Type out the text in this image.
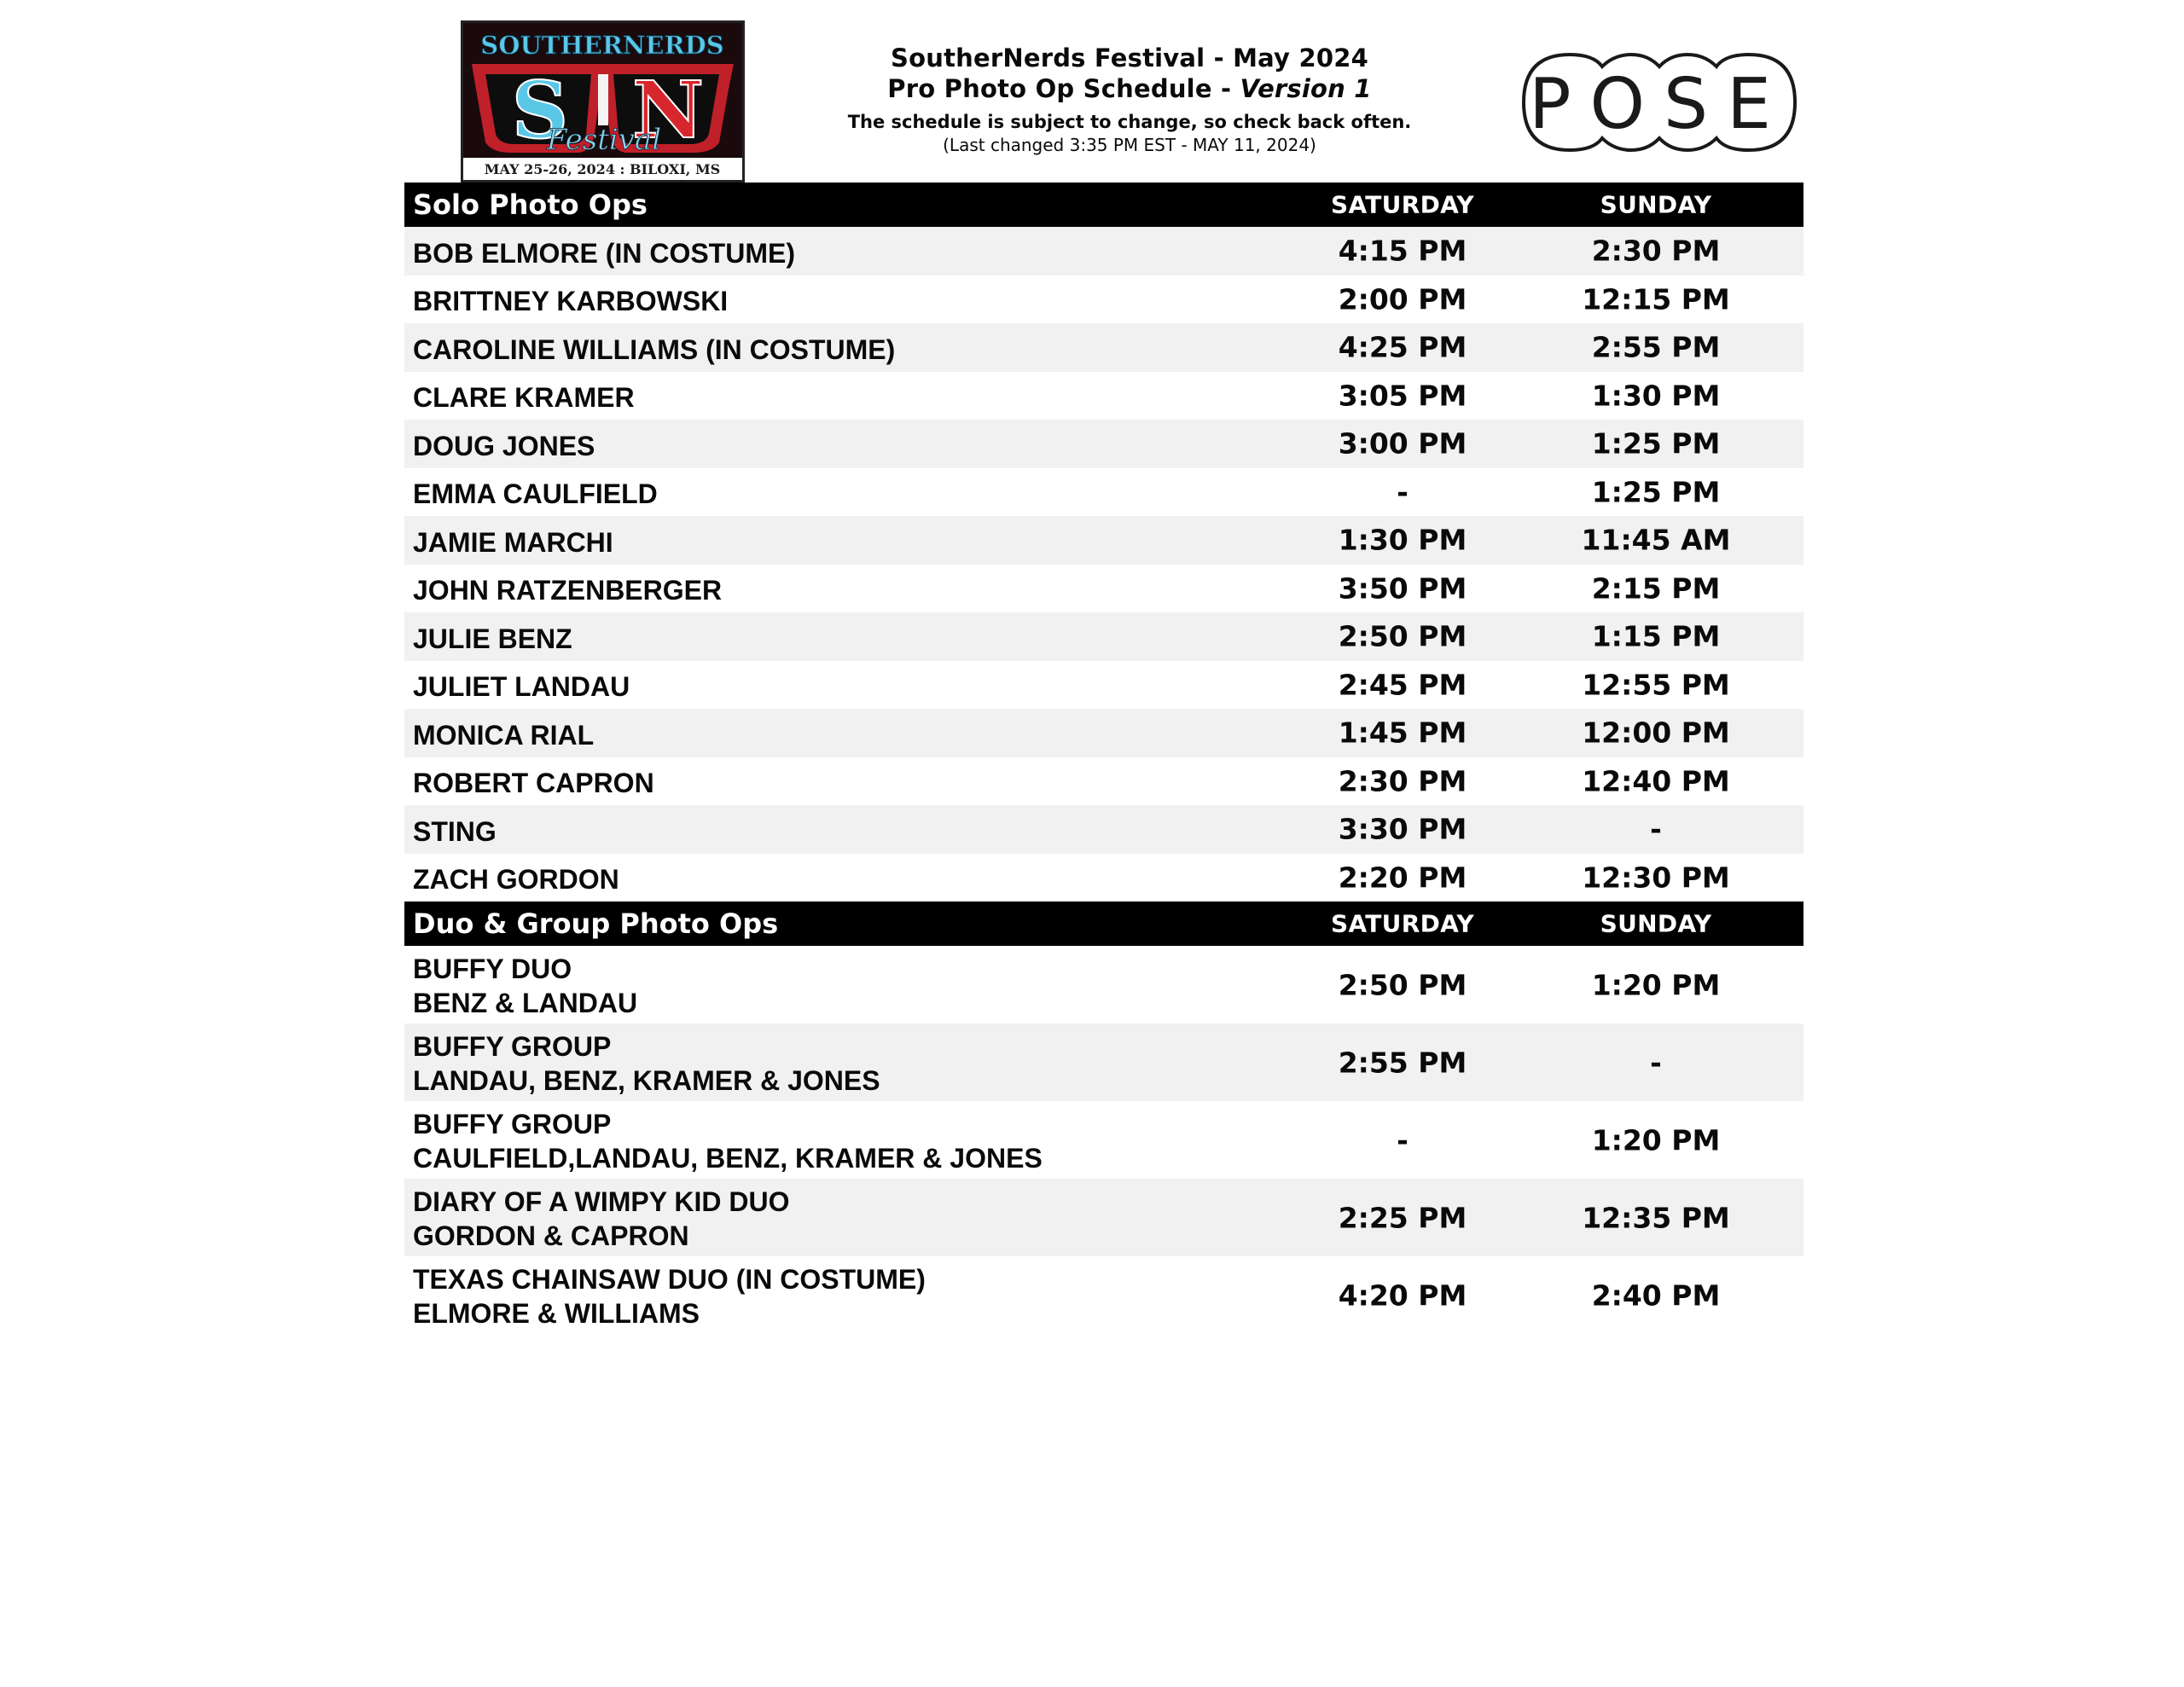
SOUTHERNERDS
S N
Festival
MAY 25-26, 2024 : BILOXI, MS
SoutherNerds Festival - May 2024
Pro Photo Op Schedule - Version 1
The schedule is subject to change, so check back often.
(Last changed 3:35 PM EST - MAY 11, 2024)	POSE
Solo Photo Ops	SATURDAY	SUNDAY
BOB ELMORE (IN COSTUME)	4:15 PM	2:30 PM
BRITTNEY KARBOWSKI	2:00 PM	12:15 PM
CAROLINE WILLIAMS (IN COSTUME)	4:25 PM	2:55 PM
CLARE KRAMER	3:05 PM	1:30 PM
DOUG JONES	3:00 PM	1:25 PM
EMMA CAULFIELD	-	1:25 PM
JAMIE MARCHI	1:30 PM	11:45 AM
JOHN RATZENBERGER	3:50 PM	2:15 PM
JULIE BENZ	2:50 PM	1:15 PM
JULIET LANDAU	2:45 PM	12:55 PM
MONICA RIAL	1:45 PM	12:00 PM
ROBERT CAPRON	2:30 PM	12:40 PM
STING	3:30 PM	-
ZACH GORDON	2:20 PM	12:30 PM
Duo & Group Photo Ops	SATURDAY	SUNDAY
BUFFY DUO
BENZ & LANDAU
2:50 PM	1:20 PM
BUFFY GROUP
LANDAU, BENZ, KRAMER & JONES
2:55 PM	-
BUFFY GROUP
CAULFIELD,LANDAU, BENZ, KRAMER & JONES
-	1:20 PM
DIARY OF A WIMPY KID DUO
GORDON & CAPRON
2:25 PM	12:35 PM
TEXAS CHAINSAW DUO (IN COSTUME)
ELMORE & WILLIAMS
4:20 PM	2:40 PM
